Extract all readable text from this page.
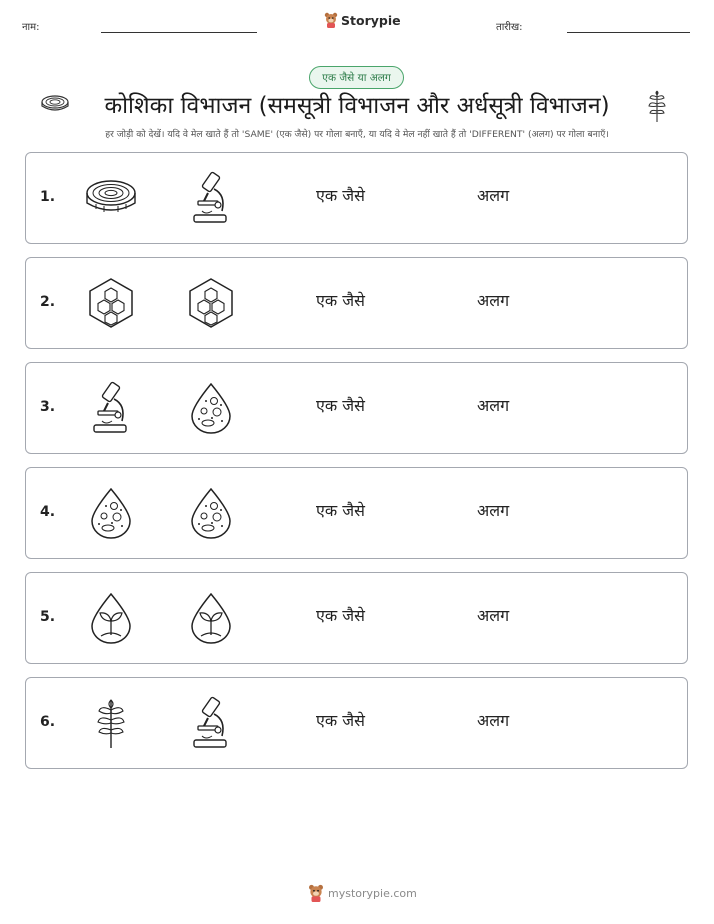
नाम:	Storypie	तारीख:
एक जैसे या अलग
कोशिका विभाजन (समसूत्री विभाजन और अर्धसूत्री विभाजन)
हर जोड़ी को देखें। यदि वे मेल खाते हैं तो 'SAME' (एक जैसे) पर गोला बनाएँ, या यदि वे मेल नहीं खाते हैं तो 'DIFFERENT' (अलग) पर गोला बनाएँ।
1.	एक जैसे	अलग
2.	एक जैसे	अलग
3.	एक जैसे	अलग
4.	एक जैसे	अलग
5.	एक जैसे	अलग
6.	एक जैसे	अलग
mystorypie.com
